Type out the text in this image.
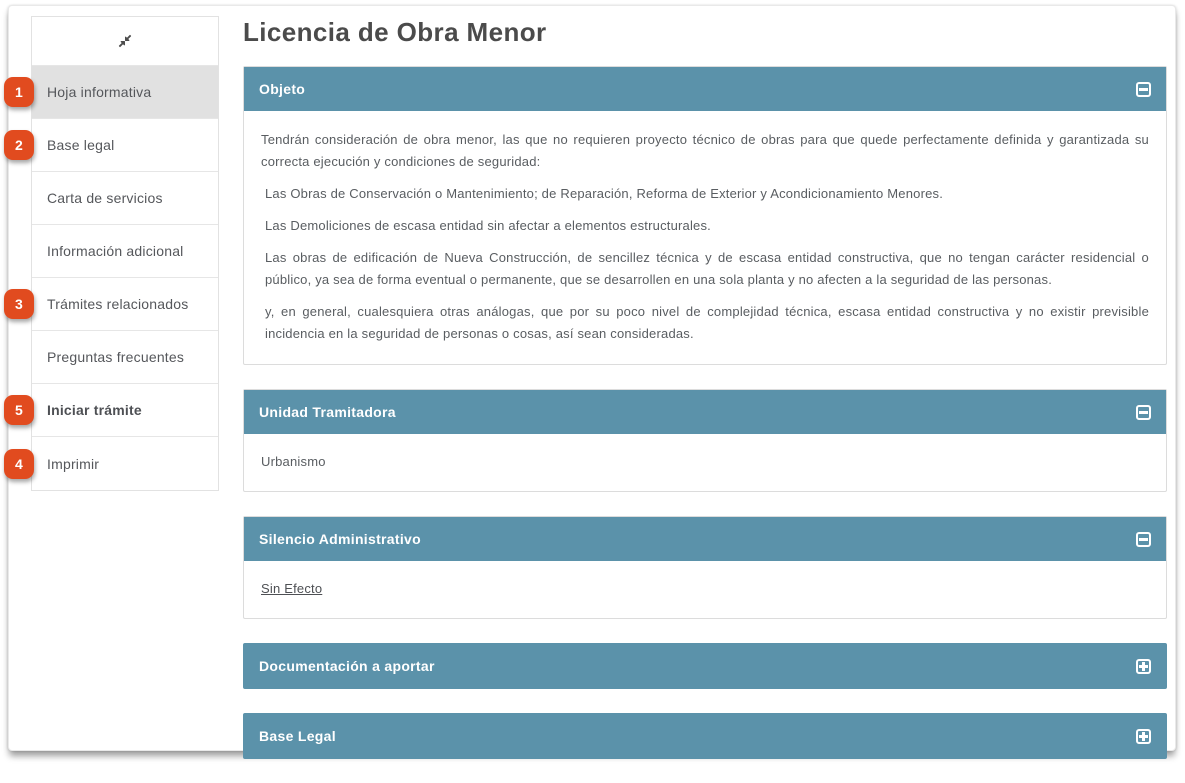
1	Hoja informativa
2	Base legal
Carta de servicios
Información adicional
3	Trámites relacionados
Preguntas frecuentes
5	Iniciar trámite
4	Imprimir
Licencia de Obra Menor
Objeto

Tendrán consideración de obra menor, las que no requieren proyecto técnico de obras para que quede perfectamente definida y garantizada su correcta ejecución y condiciones de seguridad:

Las Obras de Conservación o Mantenimiento; de Reparación, Reforma de Exterior y Acondicionamiento Menores.

Las Demoliciones de escasa entidad sin afectar a elementos estructurales.

Las obras de edificación de Nueva Construcción, de sencillez técnica y de escasa entidad constructiva, que no tengan carácter residencial o público, ya sea de forma eventual o permanente, que se desarrollen en una sola planta y no afecten a la seguridad de las personas.

y, en general, cualesquiera otras análogas, que por su poco nivel de complejidad técnica, escasa entidad constructiva y no existir previsible incidencia en la seguridad de personas o cosas, así sean consideradas.

Unidad Tramitadora
Urbanismo
Silencio Administrativo
Sin Efecto
Documentación a aportar
Base Legal
